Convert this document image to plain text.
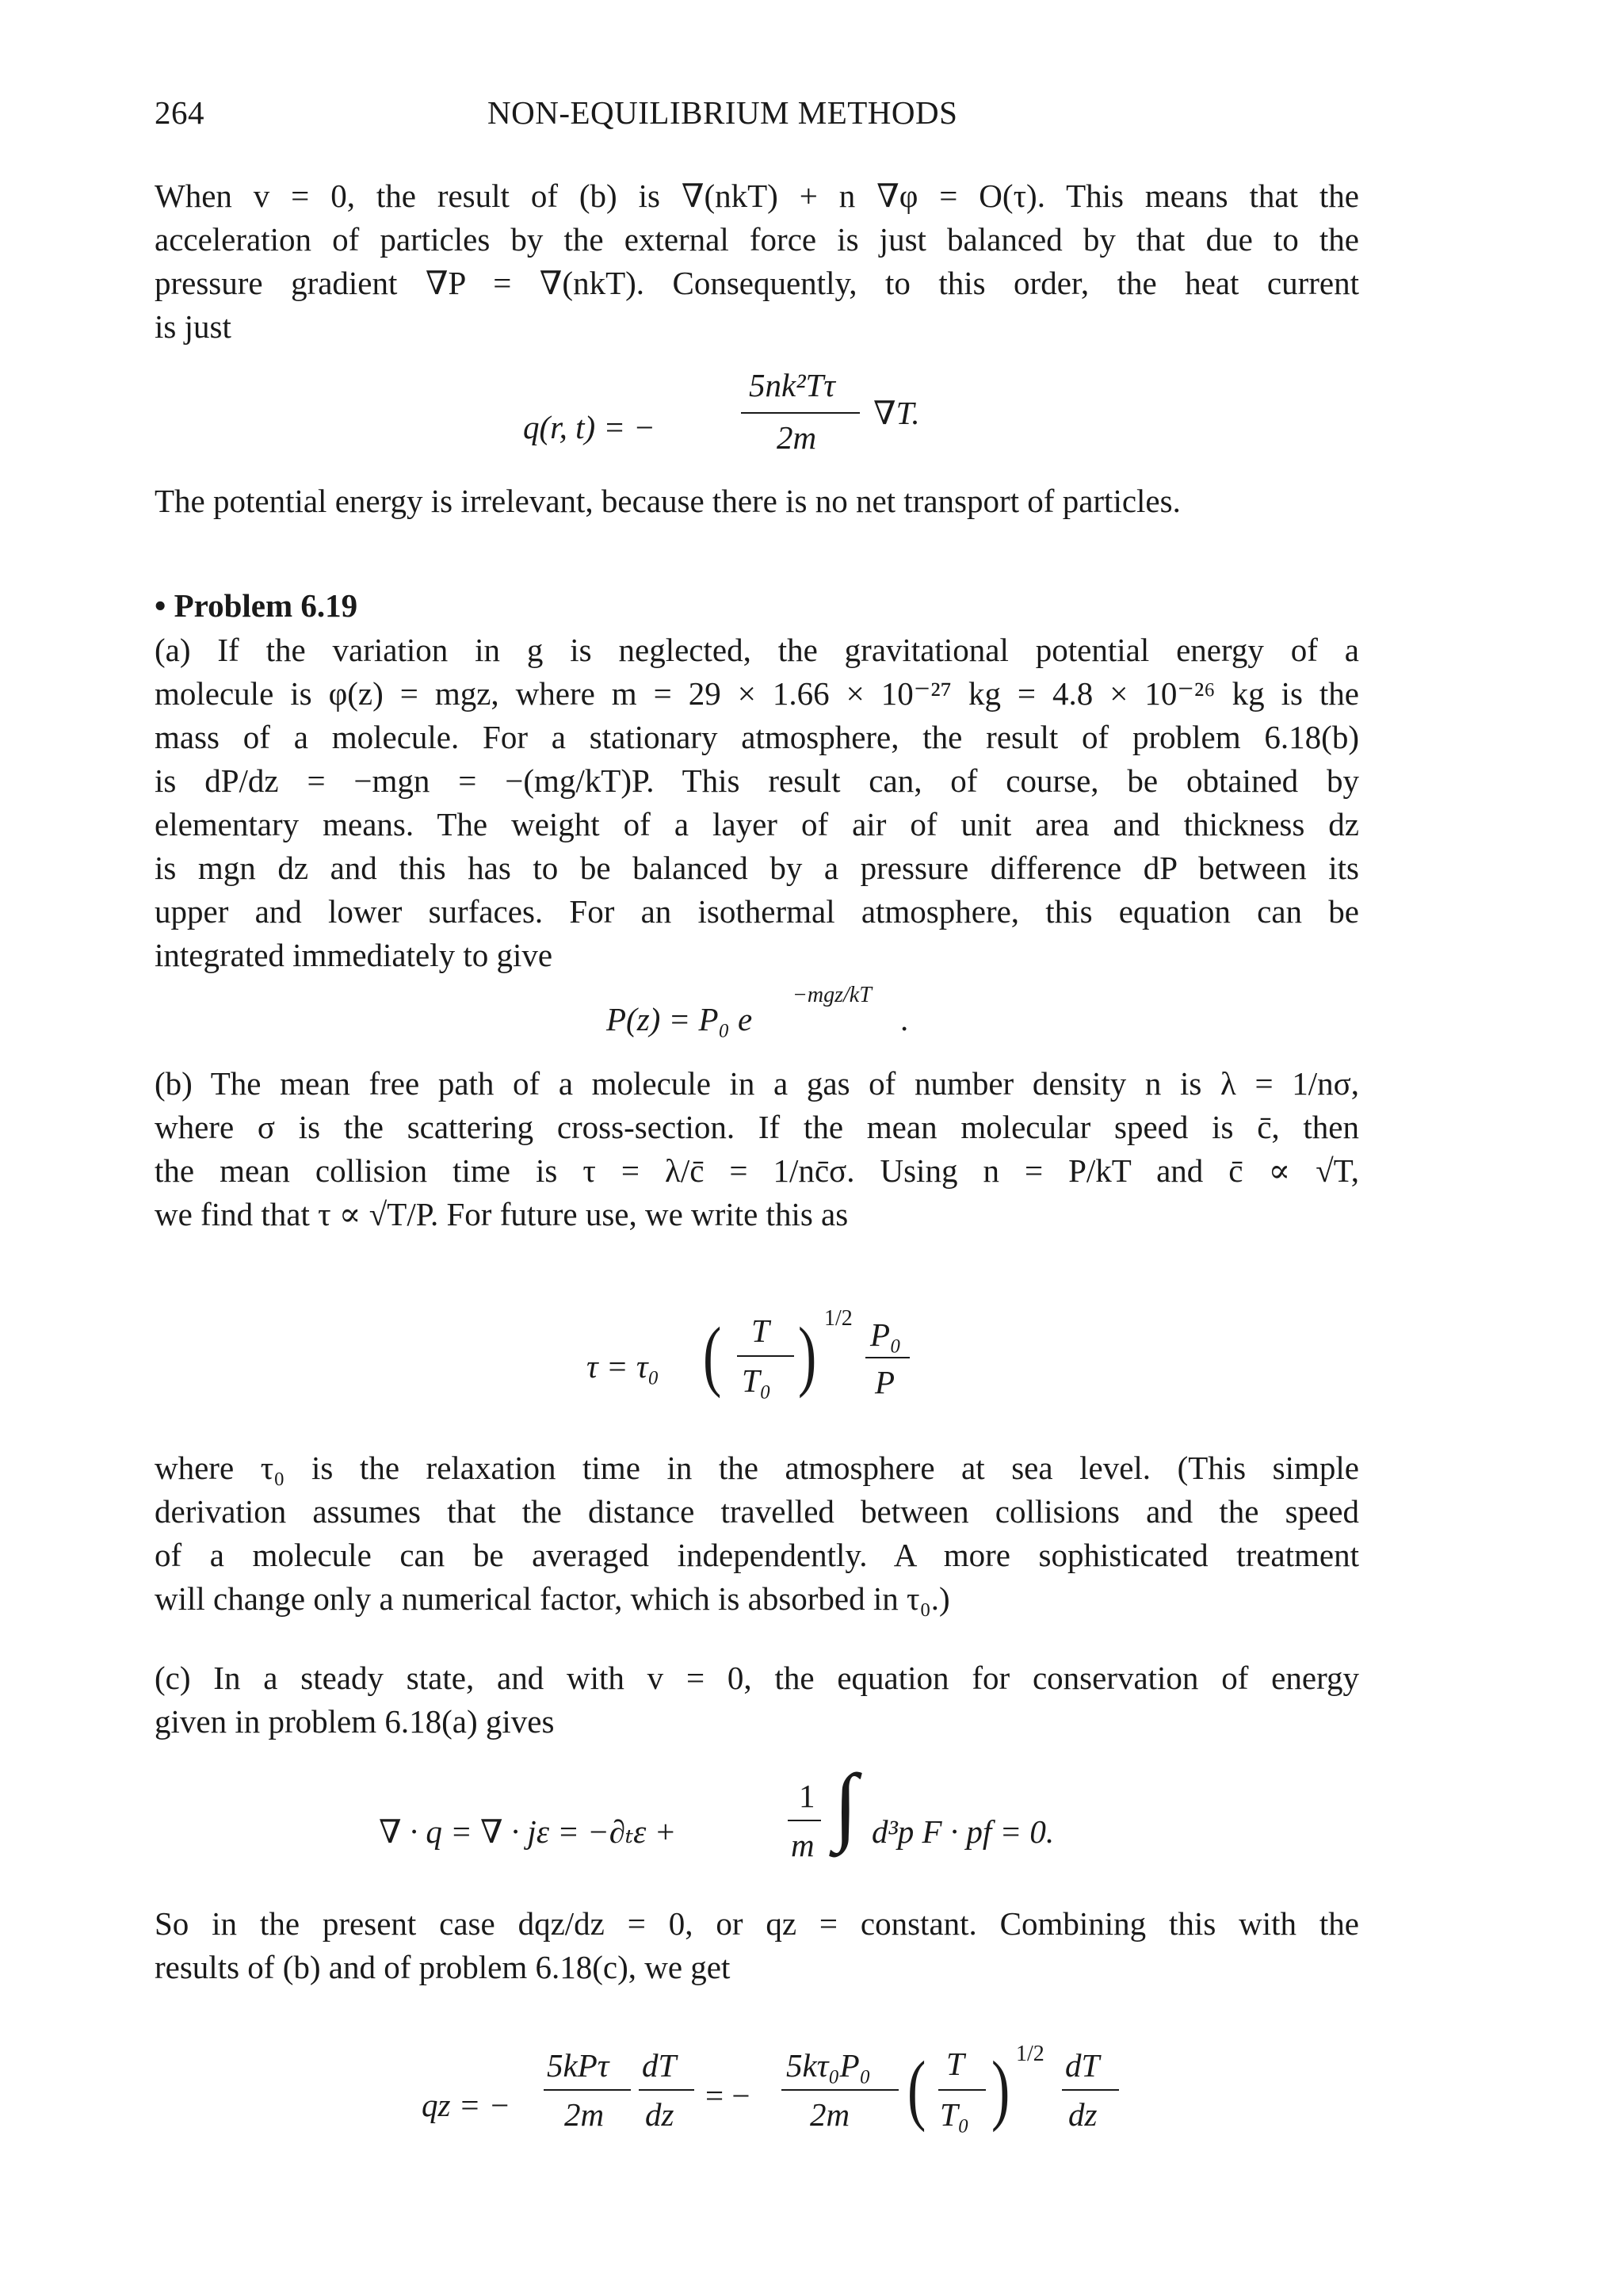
264	NON-EQUILIBRIUM METHODS
When v = 0, the result of (b) is ∇(nkT) + n ∇φ = O(τ). This means that the
acceleration of particles by the external force is just balanced by that due to the
pressure gradient ∇P = ∇(nkT). Consequently, to this order, the heat current
is just
q(r, t) = −
5nk²Tτ
2m
∇T.
The potential energy is irrelevant, because there is no net transport of particles.
• Problem 6.19
(a) If the variation in g is neglected, the gravitational potential energy of a
molecule is φ(z) = mgz, where m = 29 × 1.66 × 10⁻²⁷ kg = 4.8 × 10⁻²⁶ kg is the
mass of a molecule. For a stationary atmosphere, the result of problem 6.18(b)
is dP/dz = −mgn = −(mg/kT)P. This result can, of course, be obtained by
elementary means. The weight of a layer of air of unit area and thickness dz
is mgn dz and this has to be balanced by a pressure difference dP between its
upper and lower surfaces. For an isothermal atmosphere, this equation can be
integrated immediately to give
P(z) = P₀ e
−mgz/kT
.
(b) The mean free path of a molecule in a gas of number density n is λ = 1/nσ,
where σ is the scattering cross-section. If the mean molecular speed is c̄, then
the mean collision time is τ = λ/c̄ = 1/nc̄σ. Using n = P/kT and c̄ ∝ √T,
we find that τ ∝ √T/P. For future use, we write this as
τ = τ₀ ( T
T₀ ) 1/2 P₀
P
where τ₀ is the relaxation time in the atmosphere at sea level. (This simple
derivation assumes that the distance travelled between collisions and the speed
of a molecule can be averaged independently. A more sophisticated treatment
will change only a numerical factor, which is absorbed in τ₀.)
(c) In a steady state, and with v = 0, the equation for conservation of energy
given in problem 6.18(a) gives
∇ · q = ∇ · jε = −∂ₜε +
1
m ∫ d³p F · pf = 0.
So in the present case dqz/dz = 0, or qz = constant. Combining this with the
results of (b) and of problem 6.18(c), we get
qz = −
5kPτ
2m
dT
dz
= −
5kτ₀P₀
2m ( T
T₀ ) 1/2 dT
dz
